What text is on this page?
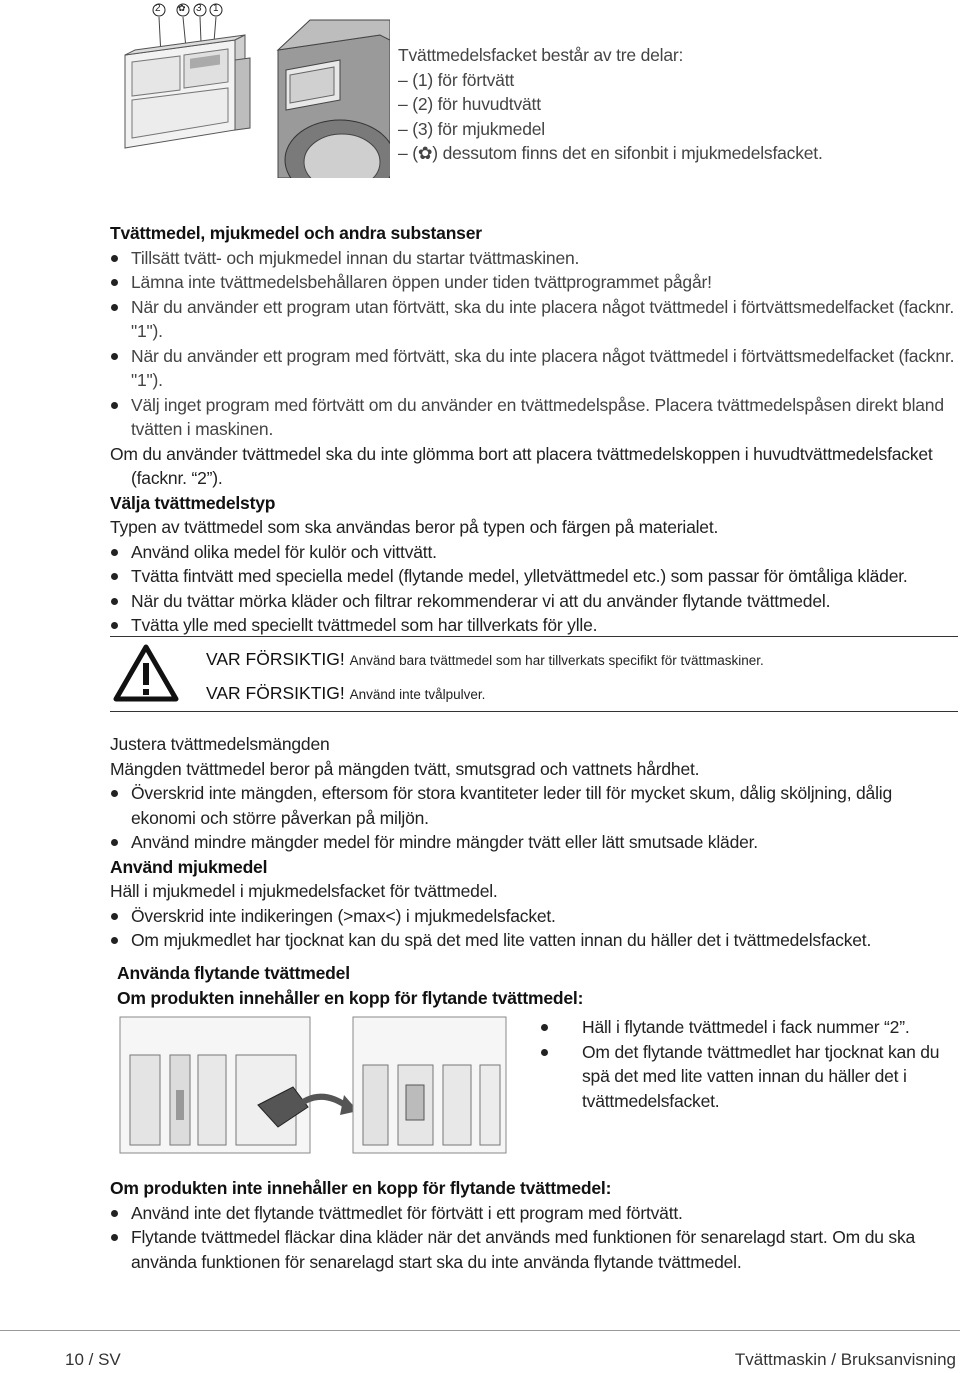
2 ✿ 3 1
Tvättmedelsfacket består av tre delar:
– (1) för förtvätt
– (2) för huvudtvätt
– (3) för mjukmedel
– (✿) dessutom finns det en sifonbit i mjukmedelsfacket.
Tvättmedel, mjukmedel och andra substanser
Tillsätt tvätt- och mjukmedel innan du startar tvättmaskinen.
Lämna inte tvättmedelsbehållaren öppen under tiden tvättprogrammet pågår!
När du använder ett program utan förtvätt, ska du inte placera något tvättmedel i förtvättsmedelfacket (facknr. "1").
När du använder ett program med förtvätt, ska du inte placera något tvättmedel i förtvättsmedelfacket (facknr. "1").
Välj inget program med förtvätt om du använder en tvättmedelspåse. Placera tvättmedelspåsen direkt bland tvätten i maskinen.
Om du använder tvättmedel ska du inte glömma bort att placera tvättmedelskoppen i huvudtvättmedelsfacket (facknr. “2”).
Välja tvättmedelstyp
Typen av tvättmedel som ska användas beror på typen och färgen på materialet.
Använd olika medel för kulör och vittvätt.
Tvätta fintvätt med speciella medel (flytande medel, ylletvättmedel etc.) som passar för ömtåliga kläder.
När du tvättar mörka kläder och filtrar rekommenderar vi att du använder flytande tvättmedel.
Tvätta ylle med speciellt tvättmedel som har tillverkats för ylle.
VAR FÖRSIKTIG! Använd bara tvättmedel som har tillverkats specifikt för tvättmaskiner.
VAR FÖRSIKTIG! Använd inte tvålpulver.
Justera tvättmedelsmängden
Mängden tvättmedel beror på mängden tvätt, smutsgrad och vattnets hårdhet.
Överskrid inte mängden, eftersom för stora kvantiteter leder till för mycket skum, dålig sköljning, dålig ekonomi och större påverkan på miljön.
Använd mindre mängder medel för mindre mängder tvätt eller lätt smutsade kläder.
Använd mjukmedel
Häll i mjukmedel i mjukmedelsfacket för tvättmedel.
Överskrid inte indikeringen (>max<) i mjukmedelsfacket.
Om mjukmedlet har tjocknat kan du spä det med lite vatten innan du häller det i tvättmedelsfacket.
Använda flytande tvättmedel
Om produkten innehåller en kopp för flytande tvättmedel:
Häll i flytande tvättmedel i fack nummer “2”.
Om det flytande tvättmedlet har tjocknat kan du spä det med lite vatten innan du häller det i tvättmedelsfacket.
Om produkten inte innehåller en kopp för flytande tvättmedel:
Använd inte det flytande tvättmedlet för förtvätt i ett program med förtvätt.
Flytande tvättmedel fläckar dina kläder när det används med funktionen för senarelagd start. Om du ska använda funktionen för senarelagd start ska du inte använda flytande tvättmedel.
10 / SV	Tvättmaskin / Bruksanvisning
